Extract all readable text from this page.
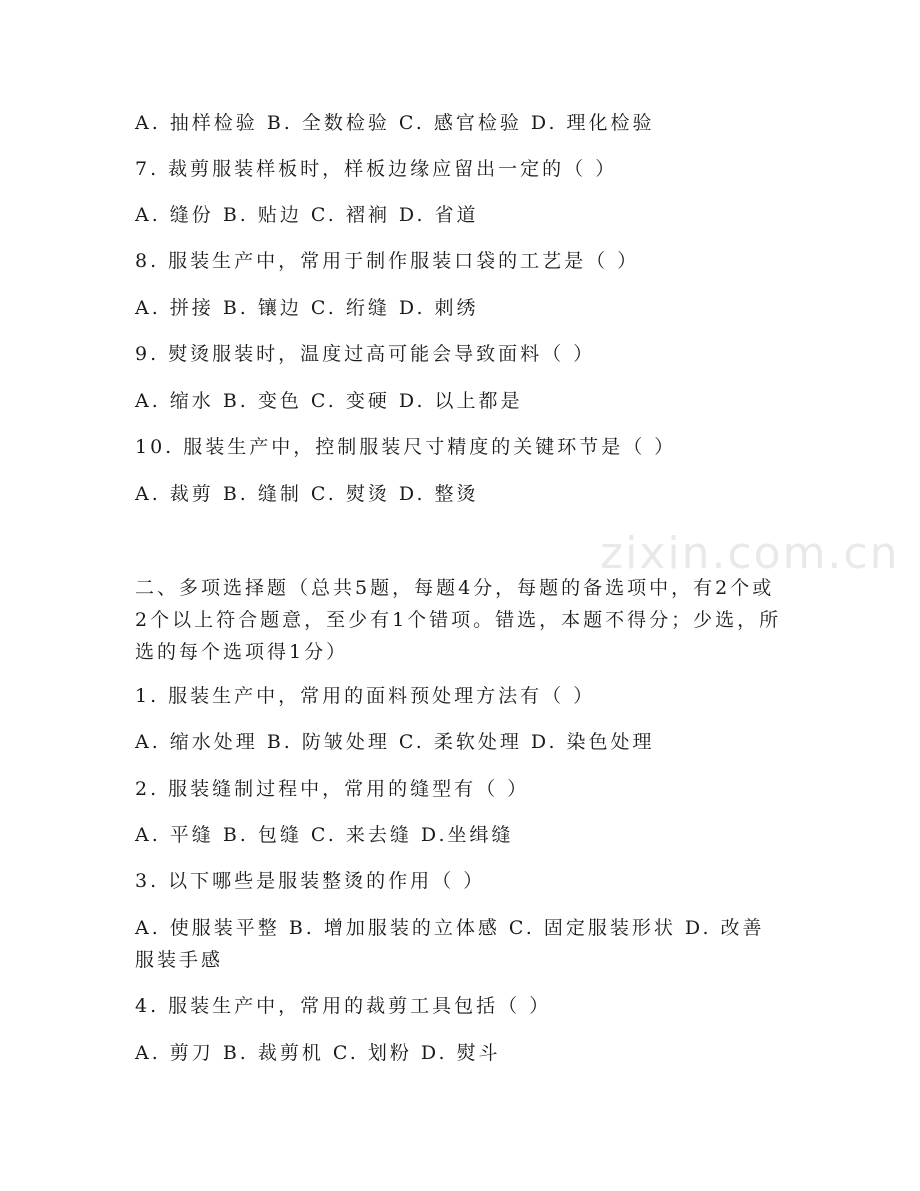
zixin.com.cn
A. 抽样检验 B. 全数检验 C. 感官检验 D. 理化检验
7. 裁剪服装样板时，样板边缘应留出一定的（ ）
A. 缝份 B. 贴边 C. 褶裥 D. 省道
8. 服装生产中，常用于制作服装口袋的工艺是（ ）
A. 拼接 B. 镶边 C. 绗缝 D. 刺绣
9. 熨烫服装时，温度过高可能会导致面料（ ）
A. 缩水 B. 变色 C. 变硬 D. 以上都是
10. 服装生产中，控制服装尺寸精度的关键环节是（ ）
A. 裁剪 B. 缝制 C. 熨烫 D. 整烫
二、多项选择题（总共5题，每题4分，每题的备选项中，有2个或2个以上符合题意，至少有1个错项。错选，本题不得分；少选，所选的每个选项得1分）
1. 服装生产中，常用的面料预处理方法有（ ）
A. 缩水处理 B. 防皱处理 C. 柔软处理 D. 染色处理
2. 服装缝制过程中，常用的缝型有（ ）
A. 平缝 B. 包缝 C. 来去缝 D.坐缉缝
3. 以下哪些是服装整烫的作用（ ）
A. 使服装平整 B. 增加服装的立体感 C. 固定服装形状 D. 改善服装手感
4. 服装生产中，常用的裁剪工具包括（ ）
A. 剪刀 B. 裁剪机 C. 划粉 D. 熨斗
